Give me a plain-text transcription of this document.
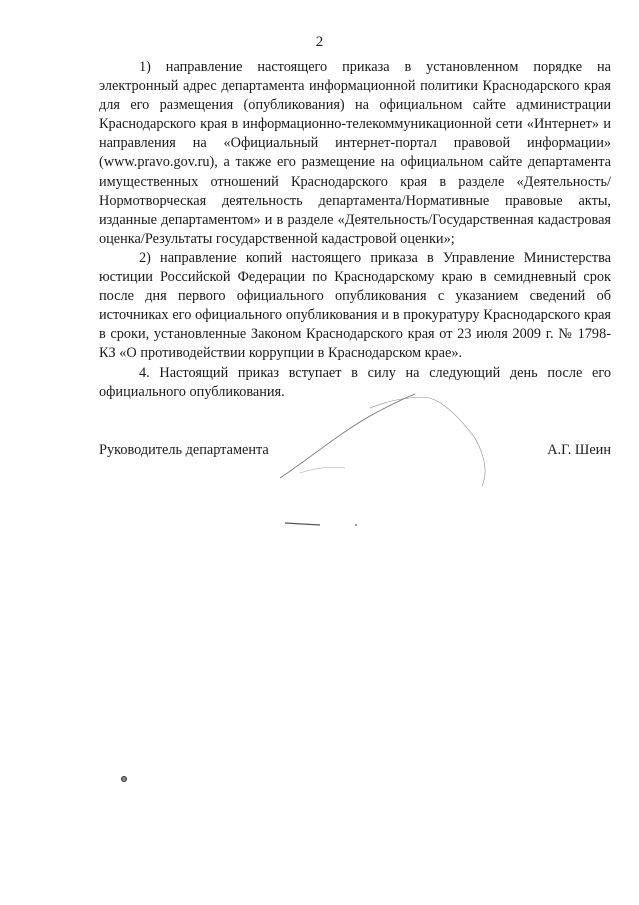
2

1) направление настоящего приказа в установленном порядке на электронный адрес департамента информационной политики Краснодарского края для его размещения (опубликования) на официальном сайте администрации Краснодарского края в информационно-телекоммуникационной сети «Интернет» и направления на «Официальный интернет-портал правовой информации» (www.pravo.gov.ru), а также его размещение на официальном сайте департамента имущественных отношений Краснодарского края в разделе «Деятельность/Нормотворческая деятельность департамента/Нормативные правовые акты, изданные департаментом» и в разделе «Деятельность/Государственная кадастровая оценка/Результаты государственной кадастровой оценки»;

2) направление копий настоящего приказа в Управление Министерства юстиции Российской Федерации по Краснодарскому краю в семидневный срок после дня первого официального опубликования с указанием сведений об источниках его официального опубликования и в прокуратуру Краснодарского края в сроки, установленные Законом Краснодарского края от 23 июля 2009 г. № 1798-КЗ «О противодействии коррупции в Краснодарском крае».

4. Настоящий приказ вступает в силу на следующий день после его официального опубликования.

Руководитель департамента	А.Г. Шеин
